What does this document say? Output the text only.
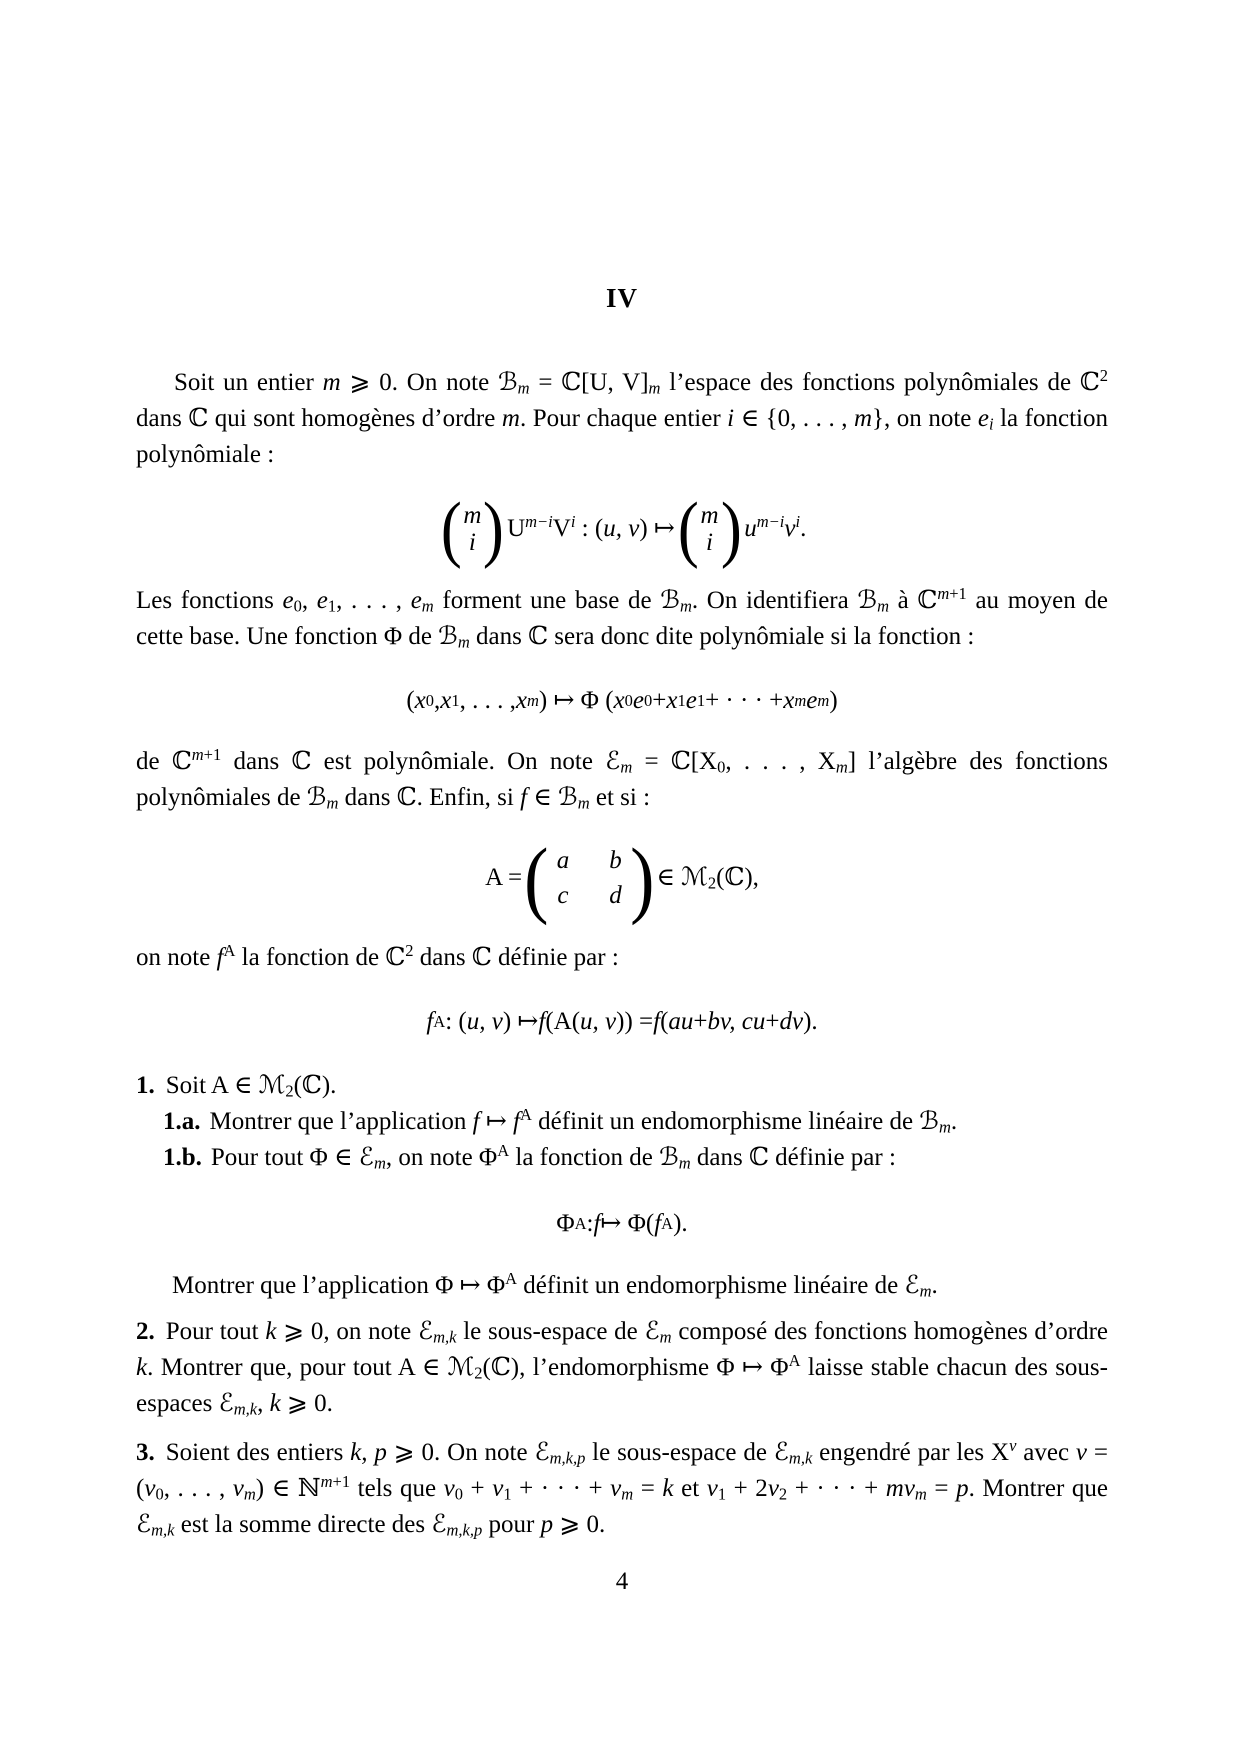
IV

Soit un entier m ⩾ 0. On note ℬ$_m$ = ℂ[U, $V]_m$ l’espace des fonctions polynômiales de ℂ$^2$ dans ℂ qui sont homogènes d’ordre m. Pour chaque entier i ∈ {0, . . . , m}, on note $e_i$ la fonction polynômiale :

( m
i ) $U^{m-i}V^i$ : (u, v) ↦ ( m
i ) $u^{m-i}v^i$.

Les fonctions $e_0$, $e_1$, . . . , $e_m$ forment une base de ℬ$_m$. On identifiera ℬ$_m$ à ℂ$^{m+1}$ au moyen de cette base. Une fonction Φ de ℬ$_m$ dans ℂ sera donc dite polynômiale si la fonction :

( x 0 , x 1 , . . . , x m ) ↦ Φ ( x 0 e 0 + x 1 e 1 + · · · + x m e m )

de ℂ$^{m+1}$ dans ℂ est polynômiale. On note ℰ$_m$ = $ℂ[X_0$, . . . , $X_m$] l’algèbre des fonctions polynômiales de ℬ$_m$ dans ℂ. Enfin, si f ∈ ℬ$_m$ et si :

A = ( a b
c d ) ∈ ℳ$_2$(ℂ),

on note $f^A$ la fonction de ℂ$^2$ dans ℂ définie par :

f A : ( u, v ) ↦ f (A( u, v )) = f ( au + bv, cu + dv ).

1. Soit A ∈ ℳ$_2$(ℂ).

1.a. Montrer que l’application f ↦ $f^A$ définit un endomorphisme linéaire de ℬ$_m$.

1.b. Pour tout Φ ∈ ℰ$_m$, on note $\Phi^A$ la fonction de ℬ$_m$ dans ℂ définie par :

Φ A : f ↦ Φ( f A ).

Montrer que l’application Φ ↦ $\Phi^A$ définit un endomorphisme linéaire de ℰ$_m$.

2. Pour tout k ⩾ 0, on note ℰ$_{m,k}$ le sous-espace de ℰ$_m$ composé des fonctions homogènes d’ordre k. Montrer que, pour tout A ∈ ℳ$_2$(ℂ), l’endomorphisme Φ ↦ $\Phi^A$ laisse stable chacun des sous-espaces ℰ$_{m,k}$, k ⩾ 0.

3. Soient des entiers k, p ⩾ 0. On note ℰ$_{m,k,p}$ le sous-espace de ℰ$_{m,k}$ engendré par les $X^\nu$ avec $\nu = (\nu_0$, . . . , $\nu_m$) ∈ ℕ$^{m+1}$ tels que $\nu_0 + \nu_1$ + · · · + $\nu_m = k$ et $\nu_1 + 2\nu_2$ + · · · + $m\nu_m = p$. Montrer que ℰ$_{m,k}$ est la somme directe des ℰ$_{m,k,p}$ pour p ⩾ 0.

4
